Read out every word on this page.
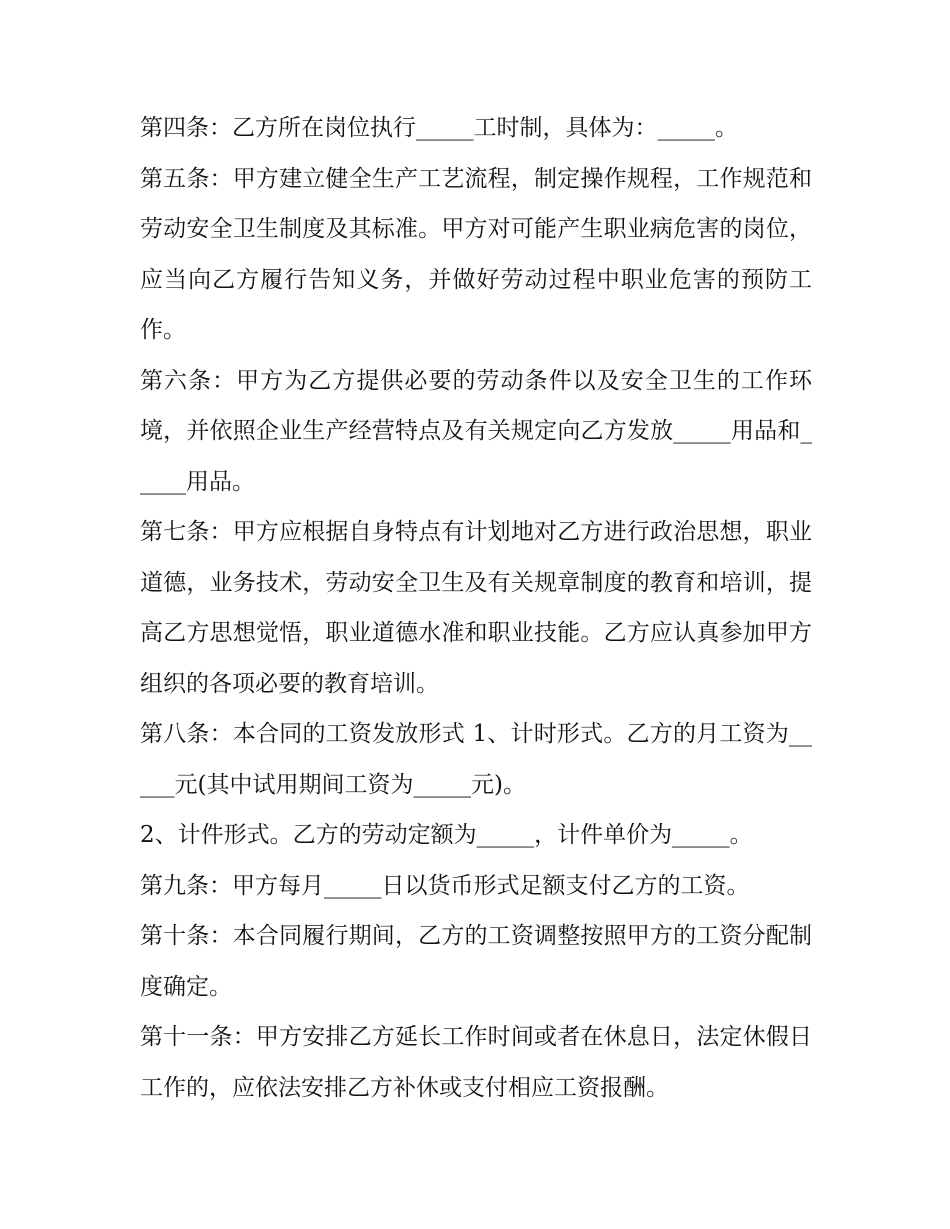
第四条：乙方所在岗位执行_____工时制，具体为：_____。

第五条：甲方建立健全生产工艺流程，制定操作规程，工作规范和劳动安全卫生制度及其标准。甲方对可能产生职业病危害的岗位，应当向乙方履行告知义务，并做好劳动过程中职业危害的预防工作。

第六条：甲方为乙方提供必要的劳动条件以及安全卫生的工作环境，并依照企业生产经营特点及有关规定向乙方发放_____用品和_____用品。

第七条：甲方应根据自身特点有计划地对乙方进行政治思想，职业道德，业务技术，劳动安全卫生及有关规章制度的教育和培训，提高乙方思想觉悟，职业道德水准和职业技能。乙方应认真参加甲方组织的各项必要的教育培训。

第八条：本合同的工资发放形式 1、计时形式。乙方的月工资为_____元(其中试用期间工资为_____元)。

2、计件形式。乙方的劳动定额为_____，计件单价为_____。

第九条：甲方每月_____日以货币形式足额支付乙方的工资。

第十条：本合同履行期间，乙方的工资调整按照甲方的工资分配制度确定。

第十一条：甲方安排乙方延长工作时间或者在休息日，法定休假日工作的，应依法安排乙方补休或支付相应工资报酬。
